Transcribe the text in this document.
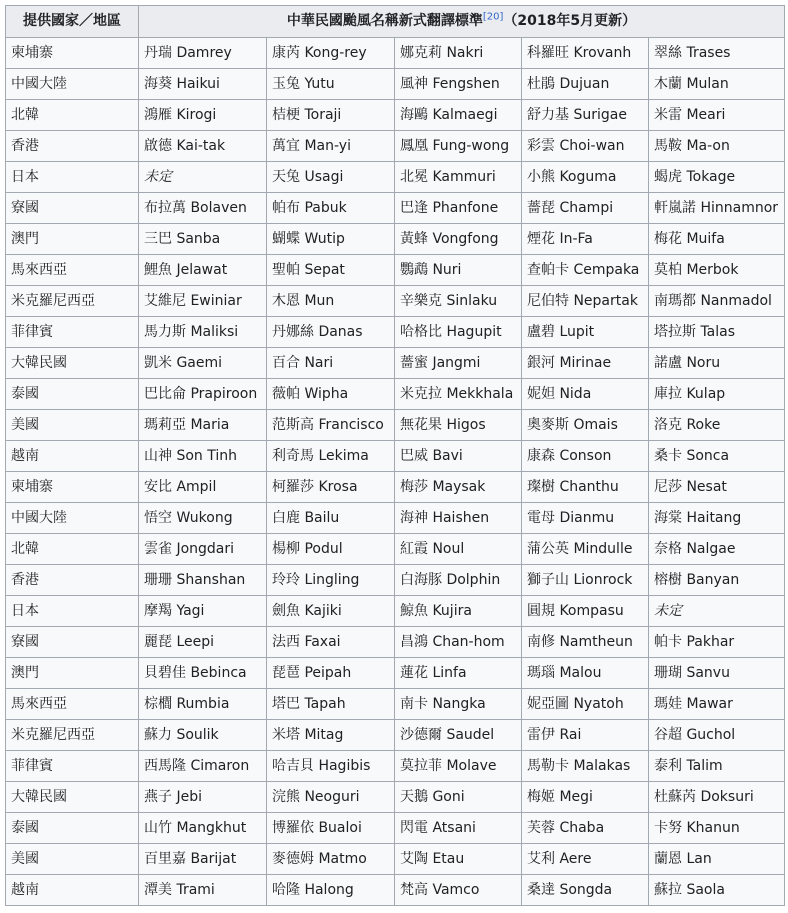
提供國家／地區	中華民國颱風名稱新式翻譯標準[20]（2018年5月更新）				
柬埔寨	丹瑞 Damrey	康芮 Kong-rey	娜克莉 Nakri	科羅旺 Krovanh	翠絲 Trases
中國大陸	海葵 Haikui	玉兔 Yutu	風神 Fengshen	杜鵑 Dujuan	木蘭 Mulan
北韓	鴻雁 Kirogi	桔梗 Toraji	海鷗 Kalmaegi	舒力基 Surigae	米雷 Meari
香港	啟德 Kai-tak	萬宜 Man-yi	鳳凰 Fung-wong	彩雲 Choi-wan	馬鞍 Ma-on
日本	未定	天兔 Usagi	北冕 Kammuri	小熊 Koguma	蝎虎 Tokage
寮國	布拉萬 Bolaven	帕布 Pabuk	巴逢 Phanfone	薔琵 Champi	軒嵐諾 Hinnamnor
澳門	三巴 Sanba	蝴蝶 Wutip	黃蜂 Vongfong	煙花 In-Fa	梅花 Muifa
馬來西亞	鯉魚 Jelawat	聖帕 Sepat	鸚鵡 Nuri	查帕卡 Cempaka	莫柏 Merbok
米克羅尼西亞	艾維尼 Ewiniar	木恩 Mun	辛樂克 Sinlaku	尼伯特 Nepartak	南瑪都 Nanmadol
菲律賓	馬力斯 Maliksi	丹娜絲 Danas	哈格比 Hagupit	盧碧 Lupit	塔拉斯 Talas
大韓民國	凱米 Gaemi	百合 Nari	薔蜜 Jangmi	銀河 Mirinae	諾盧 Noru
泰國	巴比侖 Prapiroon	薇帕 Wipha	米克拉 Mekkhala	妮妲 Nida	庫拉 Kulap
美國	瑪莉亞 Maria	范斯高 Francisco	無花果 Higos	奧麥斯 Omais	洛克 Roke
越南	山神 Son Tinh	利奇馬 Lekima	巴威 Bavi	康森 Conson	桑卡 Sonca
柬埔寨	安比 Ampil	柯羅莎 Krosa	梅莎 Maysak	璨樹 Chanthu	尼莎 Nesat
中國大陸	悟空 Wukong	白鹿 Bailu	海神 Haishen	電母 Dianmu	海棠 Haitang
北韓	雲雀 Jongdari	楊柳 Podul	紅霞 Noul	蒲公英 Mindulle	奈格 Nalgae
香港	珊珊 Shanshan	玲玲 Lingling	白海豚 Dolphin	獅子山 Lionrock	榕樹 Banyan
日本	摩羯 Yagi	劍魚 Kajiki	鯨魚 Kujira	圓規 Kompasu	未定
寮國	麗琵 Leepi	法西 Faxai	昌鴻 Chan-hom	南修 Namtheun	帕卡 Pakhar
澳門	貝碧佳 Bebinca	琵琶 Peipah	蓮花 Linfa	瑪瑙 Malou	珊瑚 Sanvu
馬來西亞	棕櫚 Rumbia	塔巴 Tapah	南卡 Nangka	妮亞圖 Nyatoh	瑪娃 Mawar
米克羅尼西亞	蘇力 Soulik	米塔 Mitag	沙德爾 Saudel	雷伊 Rai	谷超 Guchol
菲律賓	西馬隆 Cimaron	哈吉貝 Hagibis	莫拉菲 Molave	馬勒卡 Malakas	泰利 Talim
大韓民國	燕子 Jebi	浣熊 Neoguri	天鵝 Goni	梅姬 Megi	杜蘇芮 Doksuri
泰國	山竹 Mangkhut	博羅依 Bualoi	閃電 Atsani	芙蓉 Chaba	卡努 Khanun
美國	百里嘉 Barijat	麥德姆 Matmo	艾陶 Etau	艾利 Aere	蘭恩 Lan
越南	潭美 Trami	哈隆 Halong	梵高 Vamco	桑達 Songda	蘇拉 Saola
